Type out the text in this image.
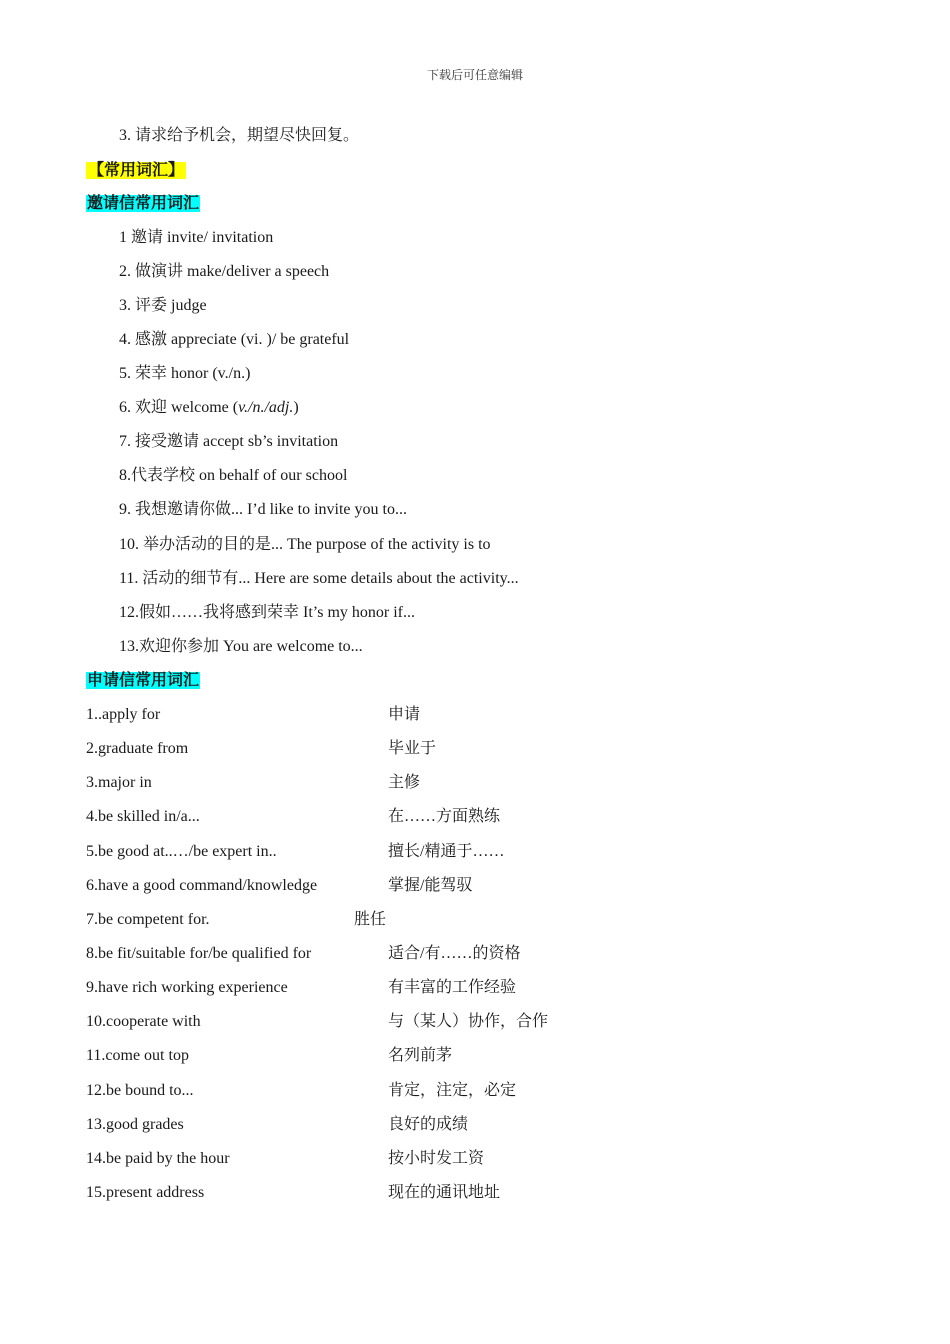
下载后可任意编辑
3. 请求给予机会，期望尽快回复。
【常用词汇】
邀请信常用词汇
1 邀请 invite/ invitation
2. 做演讲 make/deliver a speech
3. 评委 judge
4. 感激 appreciate (vi. )/ be grateful
5. 荣幸 honor (v./n.)
6. 欢迎 welcome (v./n./adj.)
7. 接受邀请 accept sb’s invitation
8.代表学校 on behalf of our school
9. 我想邀请你做... I’d like to invite you to...
10. 举办活动的目的是... The purpose of the activity is to
11. 活动的细节有... Here are some details about the activity...
12.假如……我将感到荣幸 It’s my honor if...
13.欢迎你参加 You are welcome to...
申请信常用词汇
1..apply for	申请
2.graduate from	毕业于
3.major in	主修
4.be skilled in/a...	在……方面熟练
5.be good at..…/be expert in..	擅长/精通于……
6.have a good command/knowledge	掌握/能驾驭
7.be competent for.	胜任
8.be fit/suitable for/be qualified for	适合/有……的资格
9.have rich working experience	有丰富的工作经验
10.cooperate with	与（某人）协作，合作
11.come out top	名列前茅
12.be bound to...	肯定，注定，必定
13.good grades	良好的成绩
14.be paid by the hour	按小时发工资
15.present address	现在的通讯地址
